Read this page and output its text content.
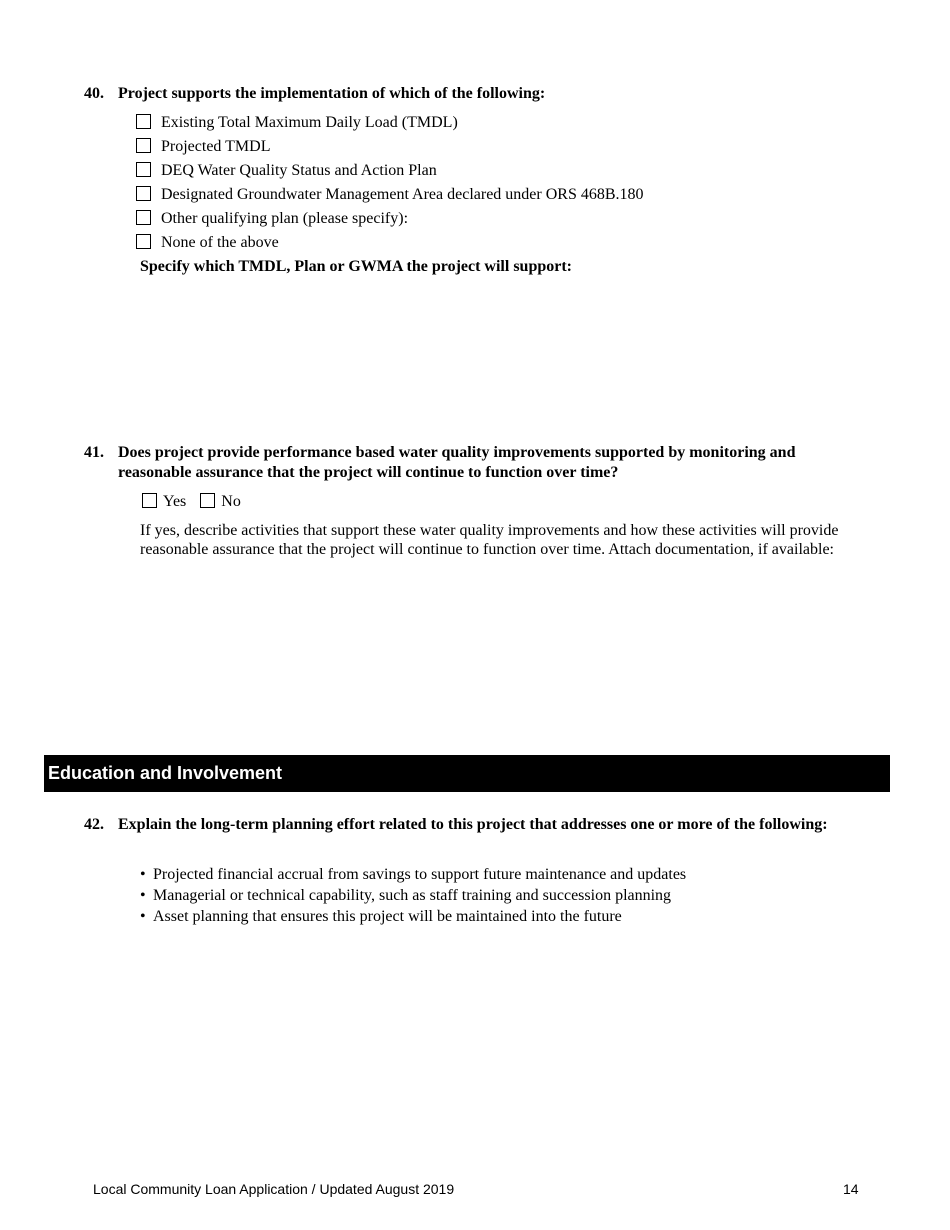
40. Project supports the implementation of which of the following:
Existing Total Maximum Daily Load (TMDL)
Projected TMDL
DEQ Water Quality Status and Action Plan
Designated Groundwater Management Area declared under ORS 468B.180
Other qualifying plan (please specify):
None of the above
Specify which TMDL, Plan or GWMA the project will support:
41. Does project provide performance based water quality improvements supported by monitoring and reasonable assurance that the project will continue to function over time?
Yes No
If yes, describe activities that support these water quality improvements and how these activities will provide reasonable assurance that the project will continue to function over time. Attach documentation, if available:
Education and Involvement
42. Explain the long-term planning effort related to this project that addresses one or more of the following:
• Projected financial accrual from savings to support future maintenance and updates
• Managerial or technical capability, such as staff training and succession planning
• Asset planning that ensures this project will be maintained into the future
Local Community Loan Application / Updated August 2019	14
